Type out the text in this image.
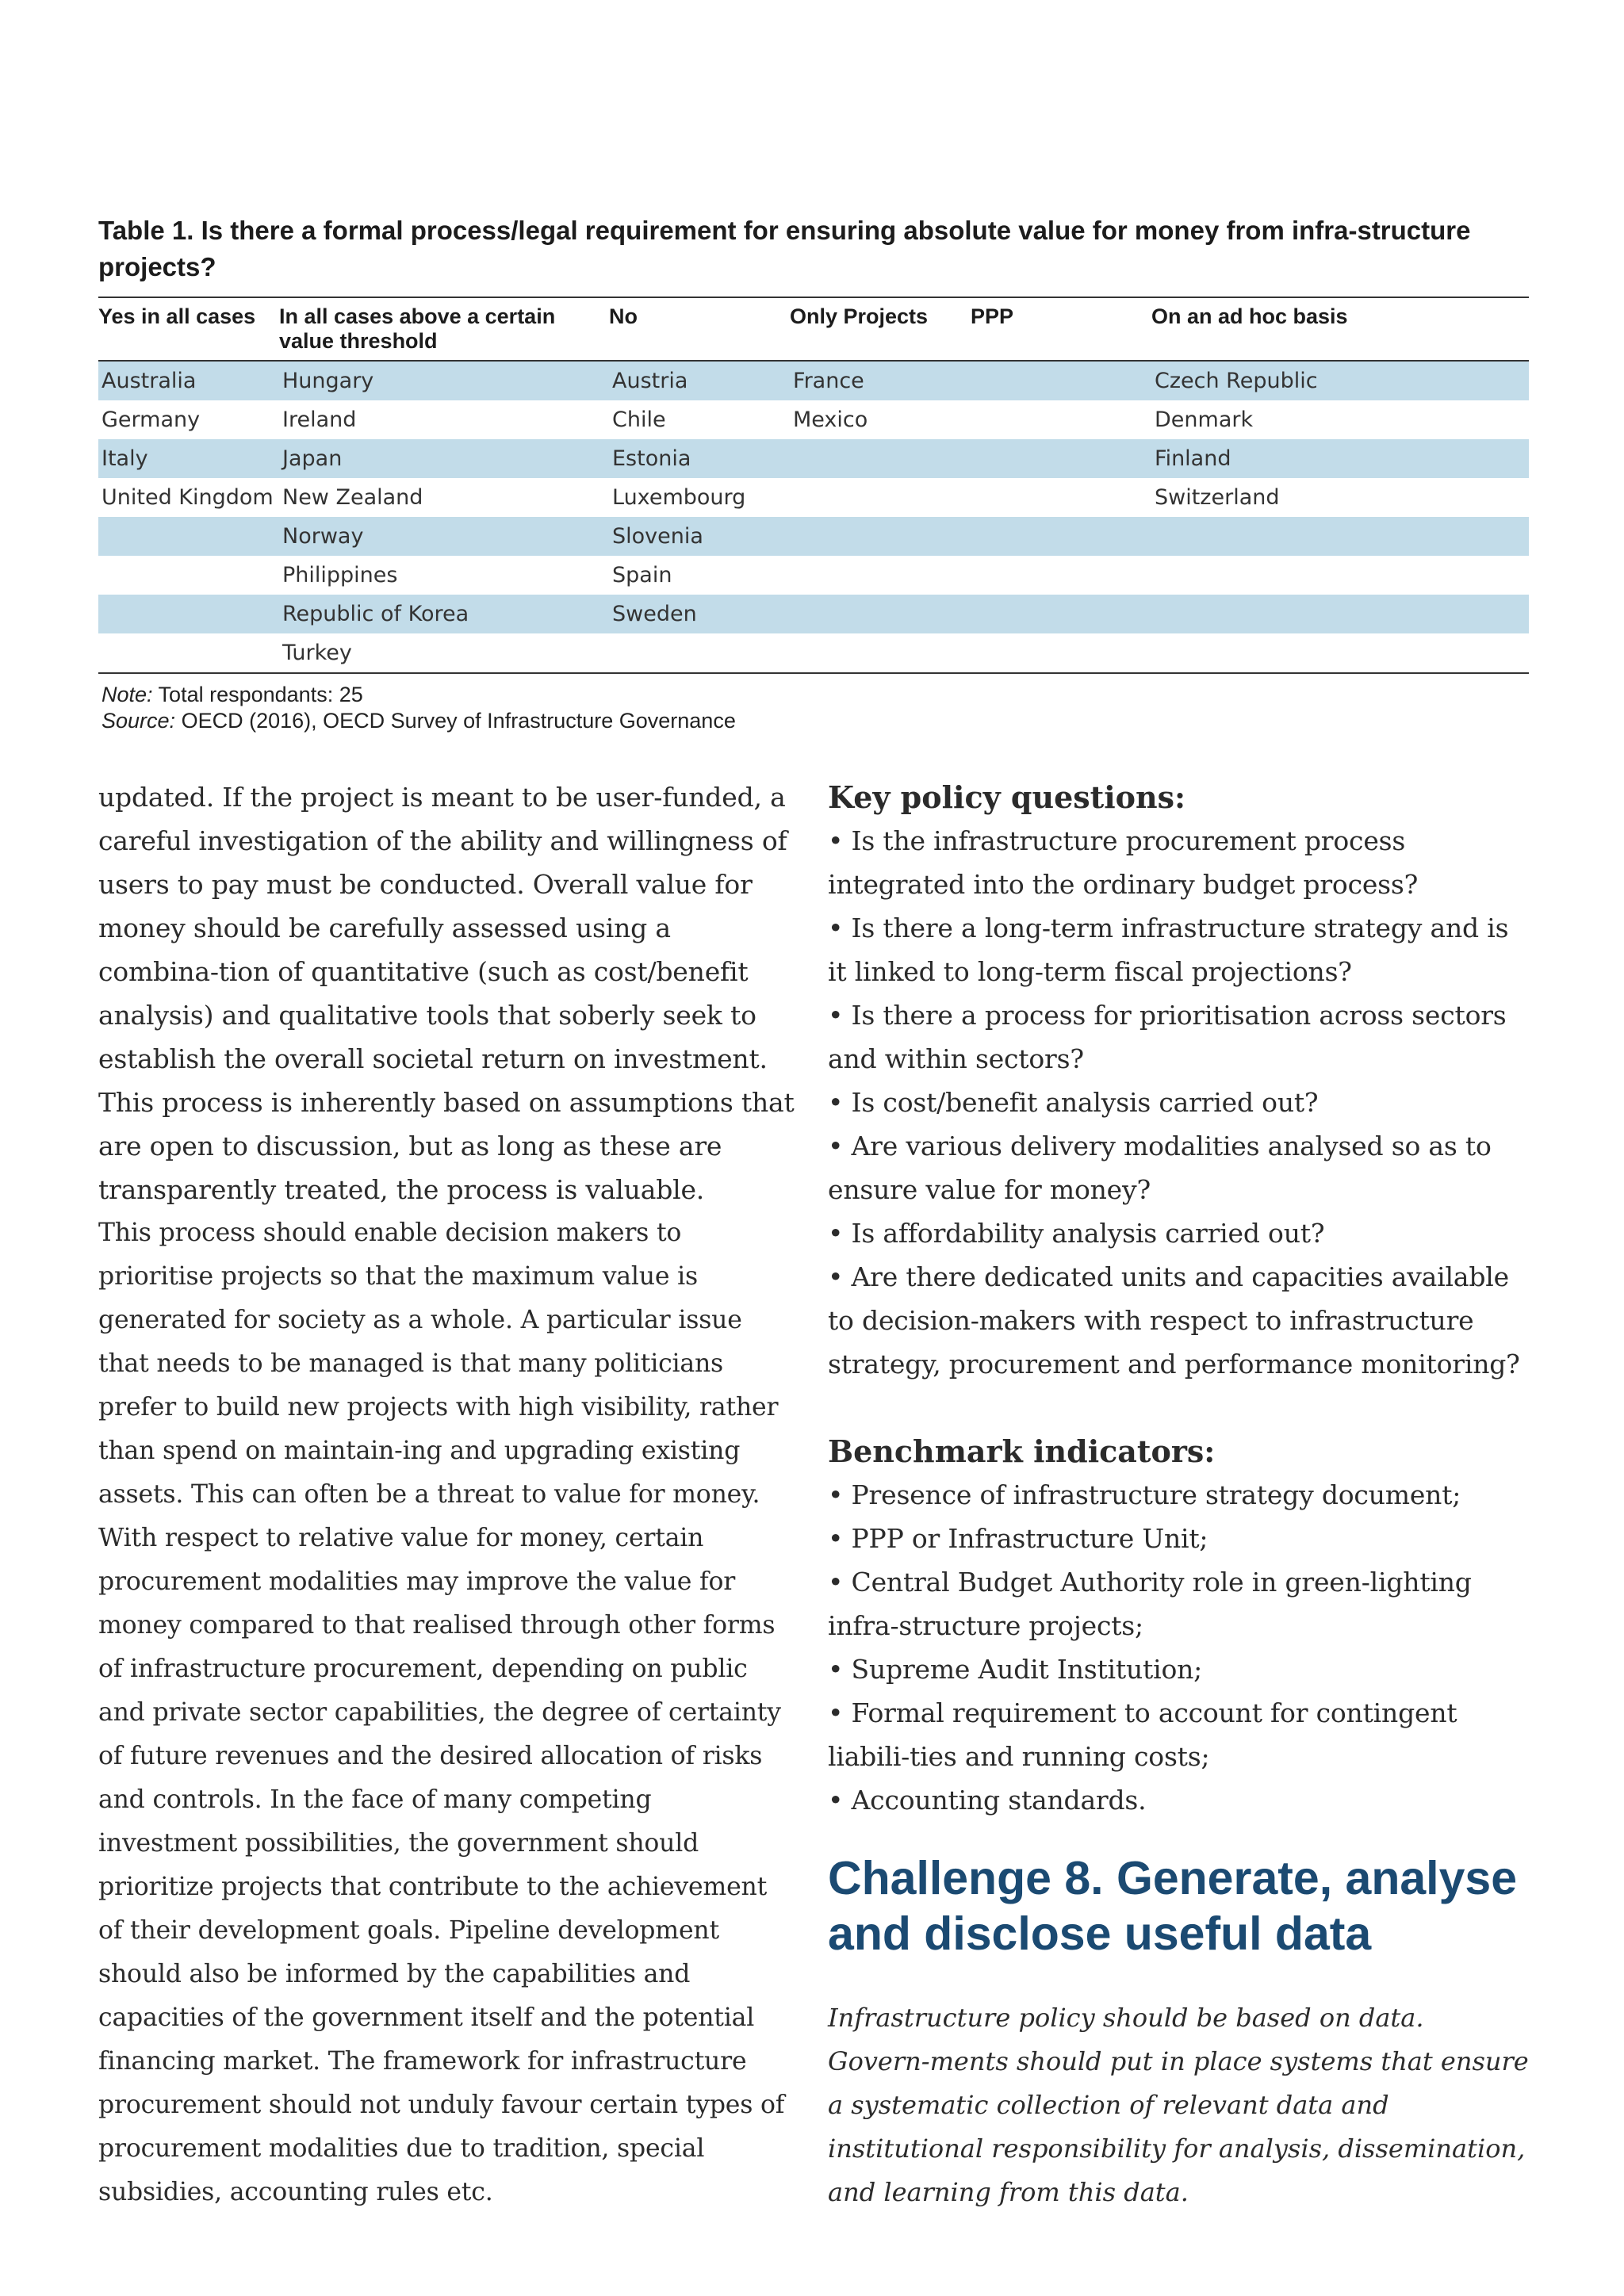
Table 1. Is there a formal process/legal requirement for ensuring absolute value for money from infra-structure projects?
Yes in all cases	In all cases above a certain value threshold	No	Only Projects	PPP	On an ad hoc basis
Australia	Hungary	Austria	France		Czech Republic
Germany	Ireland	Chile	Mexico		Denmark
Italy	Japan	Estonia			Finland
United Kingdom	New Zealand	Luxembourg			Switzerland
	Norway	Slovenia			
	Philippines	Spain			
	Republic of Korea	Sweden			
	Turkey				
Note: Total respondants: 25
Source: OECD (2016), OECD Survey of Infrastructure Governance

updated. If the project is meant to be user-funded, a careful investigation of the ability and willingness of users to pay must be conducted. Overall value for money should be carefully assessed using a combina-tion of quantitative (such as cost/benefit analysis) and qualitative tools that soberly seek to establish the overall societal return on investment. This process is inherently based on assumptions that are open to discussion, but as long as these are transparently treated, the process is valuable.

This process should enable decision makers to prioritise projects so that the maximum value is generated for society as a whole. A particular issue that needs to be managed is that many politicians prefer to build new projects with high visibility, rather than spend on maintain-ing and upgrading existing assets. This can often be a threat to value for money. With respect to relative value for money, certain procurement modalities may improve the value for money compared to that realised through other forms of infrastructure procurement, depending on public and private sector capabilities, the degree of certainty of future revenues and the desired allocation of risks and controls. In the face of many competing investment possibilities, the government should prioritize projects that contribute to the achievement of their development goals. Pipeline development should also be informed by the capabilities and capacities of the government itself and the potential financing market. The framework for infrastructure procurement should not unduly favour certain types of procurement modalities due to tradition, special subsidies, accounting rules etc.

Key policy questions:
• Is the infrastructure procurement process integrated into the ordinary budget process?
• Is there a long-term infrastructure strategy and is it linked to long-term fiscal projections?
• Is there a process for prioritisation across sectors and within sectors?
• Is cost/benefit analysis carried out?
• Are various delivery modalities analysed so as to ensure value for money?
• Is affordability analysis carried out?
• Are there dedicated units and capacities available to decision-makers with respect to infrastructure strategy, procurement and performance monitoring?
Benchmark indicators:
• Presence of infrastructure strategy document;
• PPP or Infrastructure Unit;
• Central Budget Authority role in green-lighting infra-structure projects;
• Supreme Audit Institution;
• Formal requirement to account for contingent liabili-ties and running costs;
• Accounting standards.
Challenge 8. Generate, analyse and disclose useful data

Infrastructure policy should be based on data. Govern-ments should put in place systems that ensure a systematic collection of relevant data and institutional responsibility for analysis, dissemination, and learning from this data.
